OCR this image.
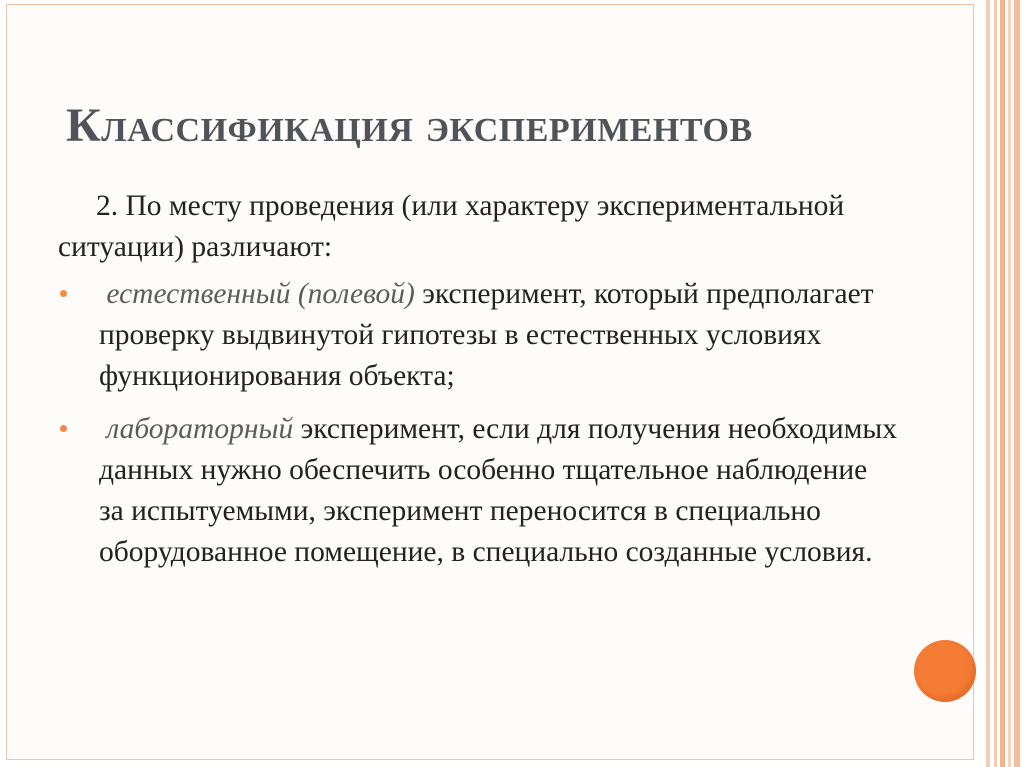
Классификация экспериментов

2. По месту проведения (или характеру экспериментальной ситуации) различают:

естественный (полевой) эксперимент, который предполагает проверку выдвинутой гипотезы в естественных условиях функционирования объекта;
лабораторный эксперимент, если для получения необходимых данных нужно обеспечить особенно тщательное наблюдение за испытуемыми, эксперимент переносится в специально оборудованное помещение, в специально созданные условия.
